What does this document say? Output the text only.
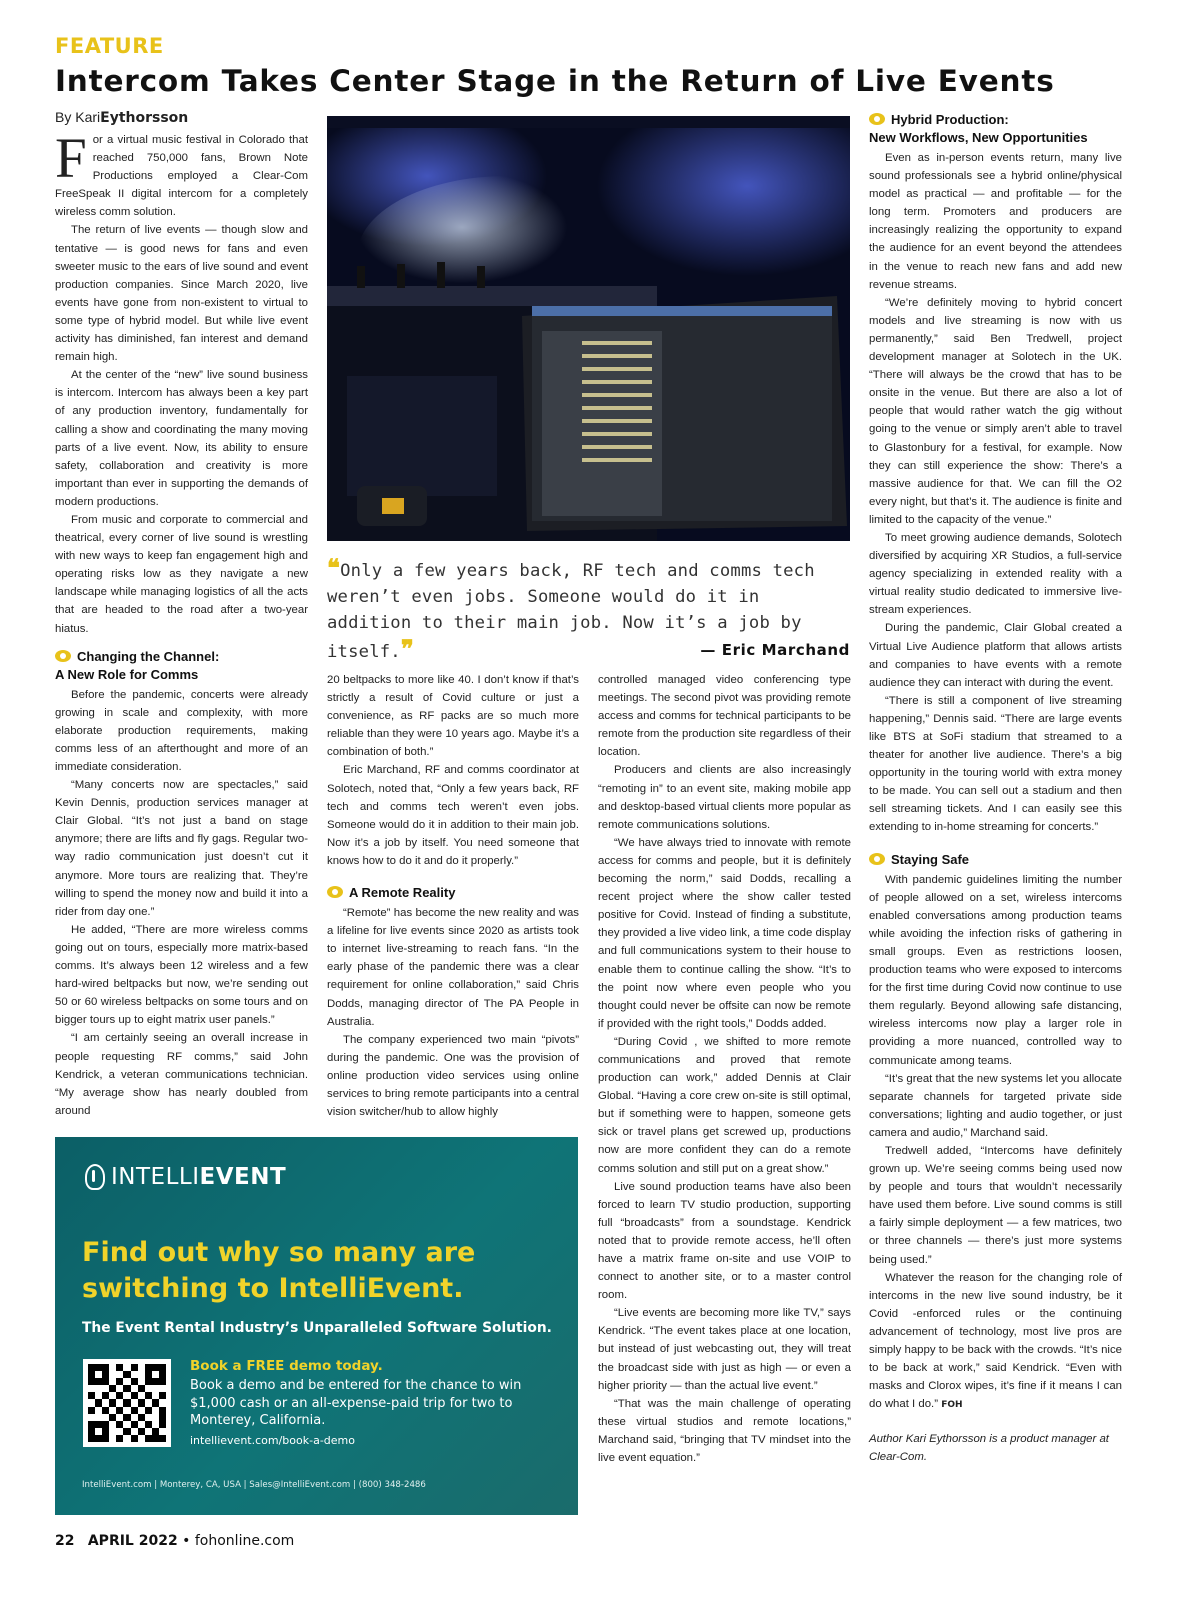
FEATURE
Intercom Takes Center Stage in the Return of Live Events
By KariEythorsson

For a virtual music festival in Colorado that reached 750,000 fans, Brown Note Productions employed a Clear-Com FreeSpeak II digital intercom for a completely wireless comm solution.

The return of live events — though slow and tentative — is good news for fans and even sweeter music to the ears of live sound and event production companies. Since March 2020, live events have gone from non-existent to virtual to some type of hybrid model. But while live event activity has diminished, fan interest and demand remain high.

At the center of the “new” live sound business is intercom. Intercom has always been a key part of any production inventory, fundamentally for calling a show and coordinating the many moving parts of a live event. Now, its ability to ensure safety, collaboration and creativity is more important than ever in supporting the demands of modern productions.

From music and corporate to commercial and theatrical, every corner of live sound is wrestling with new ways to keep fan engagement high and operating risks low as they navigate a new landscape while managing logistics of all the acts that are headed to the road after a two-year hiatus.

Changing the Channel:
A New Role for Comms

Before the pandemic, concerts were already growing in scale and complexity, with more elaborate production requirements, making comms less of an afterthought and more of an immediate consideration.

“Many concerts now are spectacles,” said Kevin Dennis, production services manager at Clair Global. “It’s not just a band on stage anymore; there are lifts and fly gags. Regular two-way radio communication just doesn’t cut it anymore. More tours are realizing that. They’re willing to spend the money now and build it into a rider from day one.”

He added, “There are more wireless comms going out on tours, especially more matrix-based comms. It’s always been 12 wireless and a few hard-wired beltpacks but now, we’re sending out 50 or 60 wireless beltpacks on some tours and on bigger tours up to eight matrix user panels.”

“I am certainly seeing an overall increase in people requesting RF comms,” said John Kendrick, a veteran communications technician. “My average show has nearly doubled from around

❝Only a few years back, RF tech and comms tech weren’t even jobs. Someone would do it in addition to their main job. Now it’s a job by itself.❞	— Eric Marchand

20 beltpacks to more like 40. I don’t know if that’s strictly a result of Covid culture or just a convenience, as RF packs are so much more reliable than they were 10 years ago. Maybe it’s a combination of both.”

Eric Marchand, RF and comms coordinator at Solotech, noted that, “Only a few years back, RF tech and comms tech weren’t even jobs. Someone would do it in addition to their main job. Now it’s a job by itself. You need someone that knows how to do it and do it properly.”

A Remote Reality

“Remote” has become the new reality and was a lifeline for live events since 2020 as artists took to internet live-streaming to reach fans. “In the early phase of the pandemic there was a clear requirement for online collaboration,” said Chris Dodds, managing director of The PA People in Australia.

The company experienced two main “pivots” during the pandemic. One was the provision of online production video services using online services to bring remote participants into a central vision switcher/hub to allow highly

controlled managed video conferencing type meetings. The second pivot was providing remote access and comms for technical participants to be remote from the production site regardless of their location.

Producers and clients are also increasingly “remoting in” to an event site, making mobile app and desktop-based virtual clients more popular as remote communications solutions.

“We have always tried to innovate with remote access for comms and people, but it is definitely becoming the norm,” said Dodds, recalling a recent project where the show caller tested positive for Covid. Instead of finding a substitute, they provided a live video link, a time code display and full communications system to their house to enable them to continue calling the show. “It’s to the point now where even people who you thought could never be offsite can now be remote if provided with the right tools,” Dodds added.

“During Covid , we shifted to more remote communications and proved that remote production can work,” added Dennis at Clair Global. “Having a core crew on-site is still optimal, but if something were to happen, someone gets sick or travel plans get screwed up, productions now are more confident they can do a remote comms solution and still put on a great show.”

Live sound production teams have also been forced to learn TV studio production, supporting full “broadcasts” from a soundstage. Kendrick noted that to provide remote access, he’ll often have a matrix frame on-site and use VOIP to connect to another site, or to a master control room.

“Live events are becoming more like TV,” says Kendrick. “The event takes place at one location, but instead of just webcasting out, they will treat the broadcast side with just as high — or even a higher priority — than the actual live event.”

“That was the main challenge of operating these virtual studios and remote locations,” Marchand said, “bringing that TV mindset into the live event equation.”

Hybrid Production:
New Workflows, New Opportunities

Even as in-person events return, many live sound professionals see a hybrid online/physical model as practical — and profitable — for the long term. Promoters and producers are increasingly realizing the opportunity to expand the audience for an event beyond the attendees in the venue to reach new fans and add new revenue streams.

“We’re definitely moving to hybrid concert models and live streaming is now with us permanently,” said Ben Tredwell, project development manager at Solotech in the UK. “There will always be the crowd that has to be onsite in the venue. But there are also a lot of people that would rather watch the gig without going to the venue or simply aren’t able to travel to Glastonbury for a festival, for example. Now they can still experience the show: There’s a massive audience for that. We can fill the O2 every night, but that’s it. The audience is finite and limited to the capacity of the venue.”

To meet growing audience demands, Solotech diversified by acquiring XR Studios, a full-service agency specializing in extended reality with a virtual reality studio dedicated to immersive live-stream experiences.

During the pandemic, Clair Global created a Virtual Live Audience platform that allows artists and companies to have events with a remote audience they can interact with during the event.

“There is still a component of live streaming happening,” Dennis said. “There are large events like BTS at SoFi stadium that streamed to a theater for another live audience. There’s a big opportunity in the touring world with extra money to be made. You can sell out a stadium and then sell streaming tickets. And I can easily see this extending to in-home streaming for concerts.”

Staying Safe

With pandemic guidelines limiting the number of people allowed on a set, wireless intercoms enabled conversations among production teams while avoiding the infection risks of gathering in small groups. Even as restrictions loosen, production teams who were exposed to intercoms for the first time during Covid now continue to use them regularly. Beyond allowing safe distancing, wireless intercoms now play a larger role in providing a more nuanced, controlled way to communicate among teams.

“It’s great that the new systems let you allocate separate channels for targeted private side conversations; lighting and audio together, or just camera and audio,” Marchand said.

Tredwell added, “Intercoms have definitely grown up. We’re seeing comms being used now by people and tours that wouldn’t necessarily have used them before. Live sound comms is still a fairly simple deployment — a few matrices, two or three channels — there’s just more systems being used.”

Whatever the reason for the changing role of intercoms in the new live sound industry, be it Covid -enforced rules or the continuing advancement of technology, most live pros are simply happy to be back with the crowds. “It’s nice to be back at work,” said Kendrick. “Even with masks and Clorox wipes, it’s fine if it means I can do what I do.” FOH

Author Kari Eythorsson is a product manager at Clear-Com.

INTELLI EVENT
Find out why so many are switching to IntelliEvent.
The Event Rental Industry’s Unparalleled Software Solution.
Book a FREE demo today.
Book a demo and be entered for the chance to win $1,000 cash or an all-expense-paid trip for two to Monterey, California.
intellievent.com/book-a-demo
IntelliEvent.com | Monterey, CA, USA | Sales@IntelliEvent.com | (800) 348-2486
22 APRIL 2022 • fohonline.com
